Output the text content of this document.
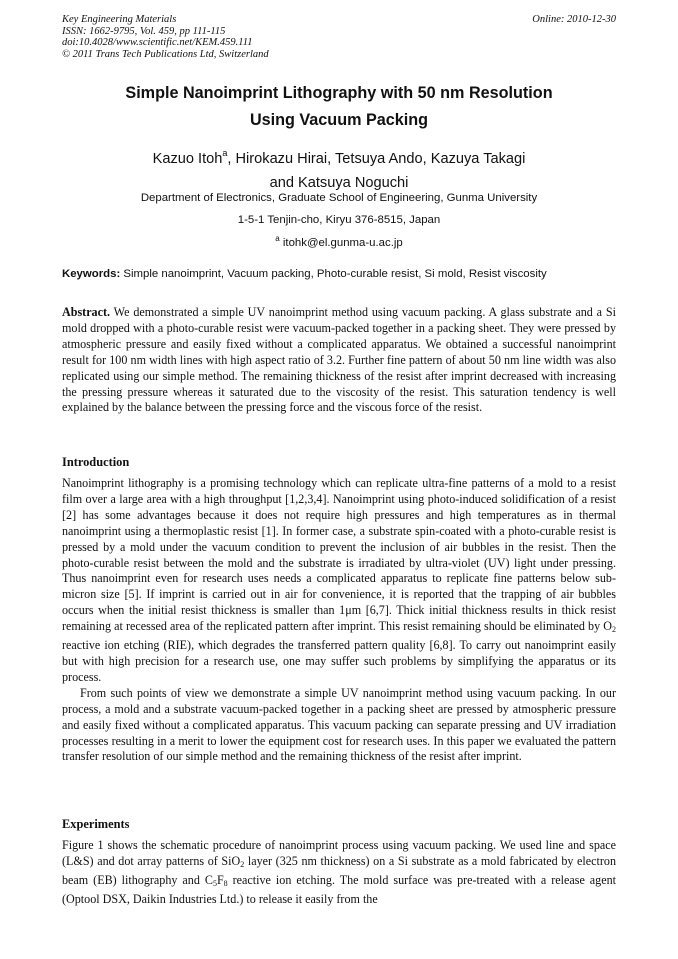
Key Engineering Materials
ISSN: 1662-9795, Vol. 459, pp 111-115
doi:10.4028/www.scientific.net/KEM.459.111
© 2011 Trans Tech Publications Ltd, Switzerland
Online: 2010-12-30
Simple Nanoimprint Lithography with 50 nm Resolution
Using Vacuum Packing
Kazuo Itoh$^a$, Hirokazu Hirai, Tetsuya Ando, Kazuya Takagi
and Katsuya Noguchi
Department of Electronics, Graduate School of Engineering, Gunma University
1-5-1 Tenjin-cho, Kiryu 376-8515, Japan
$^a$ itohk@el.gunma-u.ac.jp
Keywords: Simple nanoimprint, Vacuum packing, Photo-curable resist, Si mold, Resist viscosity

Abstract. We demonstrated a simple UV nanoimprint method using vacuum packing. A glass substrate and a Si mold dropped with a photo-curable resist were vacuum-packed together in a packing sheet. They were pressed by atmospheric pressure and easily fixed without a complicated apparatus. We obtained a successful nanoimprint result for 100 nm width lines with high aspect ratio of 3.2. Further fine pattern of about 50 nm line width was also replicated using our simple method. The remaining thickness of the resist after imprint decreased with increasing the pressing pressure whereas it saturated due to the viscosity of the resist. This saturation tendency is well explained by the balance between the pressing force and the viscous force of the resist.

Introduction

Nanoimprint lithography is a promising technology which can replicate ultra-fine patterns of a mold to a resist film over a large area with a high throughput [1,2,3,4]. Nanoimprint using photo-induced solidification of a resist [2] has some advantages because it does not require high pressures and high temperatures as in thermal nanoimprint using a thermoplastic resist [1]. In former case, a substrate spin-coated with a photo-curable resist is pressed by a mold under the vacuum condition to prevent the inclusion of air bubbles in the resist. Then the photo-curable resist between the mold and the substrate is irradiated by ultra-violet (UV) light under pressing. Thus nanoimprint even for research uses needs a complicated apparatus to replicate fine patterns below sub-micron size [5]. If imprint is carried out in air for convenience, it is reported that the trapping of air bubbles occurs when the initial resist thickness is smaller than 1μm [6,7]. Thick initial thickness results in thick resist remaining at recessed area of the replicated pattern after imprint. This resist remaining should be eliminated by $O_2$ reactive ion etching (RIE), which degrades the transferred pattern quality [6,8]. To carry out nanoimprint easily but with high precision for a research use, one may suffer such problems by simplifying the apparatus or its process.

From such points of view we demonstrate a simple UV nanoimprint method using vacuum packing. In our process, a mold and a substrate vacuum-packed together in a packing sheet are pressed by atmospheric pressure and easily fixed without a complicated apparatus. This vacuum packing can separate pressing and UV irradiation processes resulting in a merit to lower the equipment cost for research uses. In this paper we evaluated the pattern transfer resolution of our simple method and the remaining thickness of the resist after imprint.

Experiments

Figure 1 shows the schematic procedure of nanoimprint process using vacuum packing. We used line and space (L&S) and dot array patterns of SiO$_2$ layer (325 nm thickness) on a Si substrate as a mold fabricated by electron beam (EB) lithography and $C_5F_8$ reactive ion etching. The mold surface was pre-treated with a release agent (Optool DSX, Daikin Industries Ltd.) to release it easily from the
